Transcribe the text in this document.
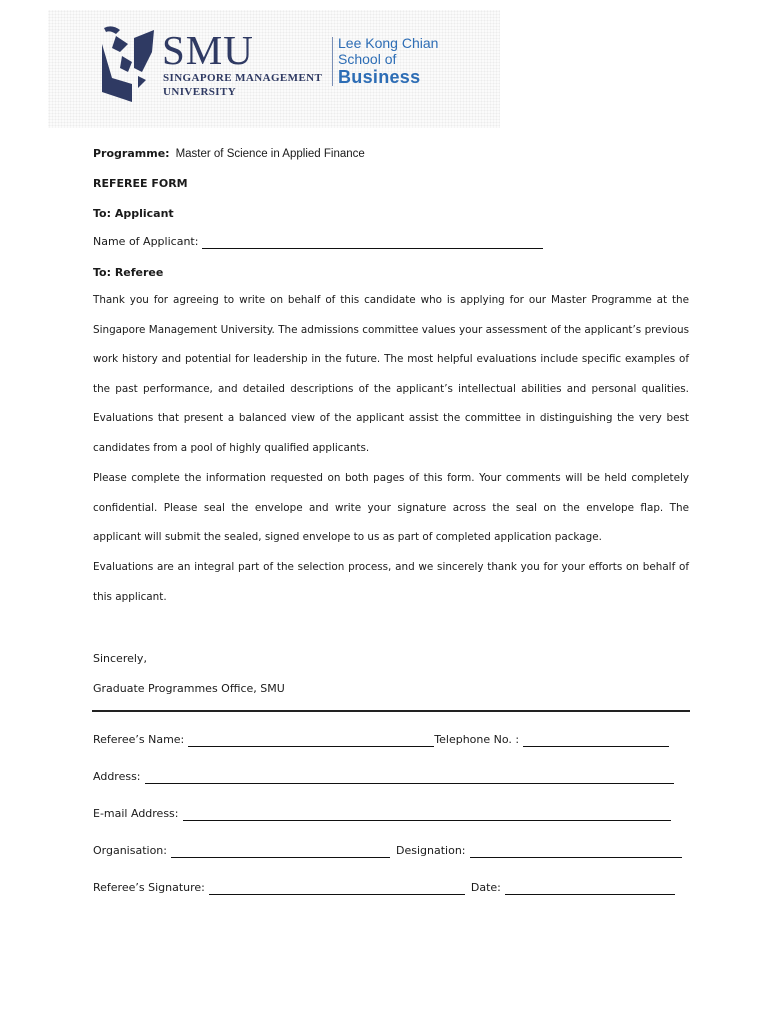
SMU
SINGAPORE MANAGEMENT
UNIVERSITY
Lee Kong Chian
School of
Business
Programme: Master of Science in Applied Finance
REFEREE FORM
To: Applicant
Name of Applicant:
To: Referee
Thank you for agreeing to write on behalf of this candidate who is applying for our Master Programme at the Singapore Management University. The admissions committee values your assessment of the applicant’s previous work history and potential for leadership in the future. The most helpful evaluations include specific examples of the past performance, and detailed descriptions of the applicant’s intellectual abilities and personal qualities. Evaluations that present a balanced view of the applicant assist the committee in distinguishing the very best candidates from a pool of highly qualified applicants.
Please complete the information requested on both pages of this form. Your comments will be held completely confidential. Please seal the envelope and write your signature across the seal on the envelope flap. The applicant will submit the sealed, signed envelope to us as part of completed application package.
Evaluations are an integral part of the selection process, and we sincerely thank you for your efforts on behalf of this applicant.
Sincerely,
Graduate Programmes Office, SMU
Referee’s Name:	Telephone No. :
Address:
E-mail Address:
Organisation:	Designation:
Referee’s Signature:	Date:
